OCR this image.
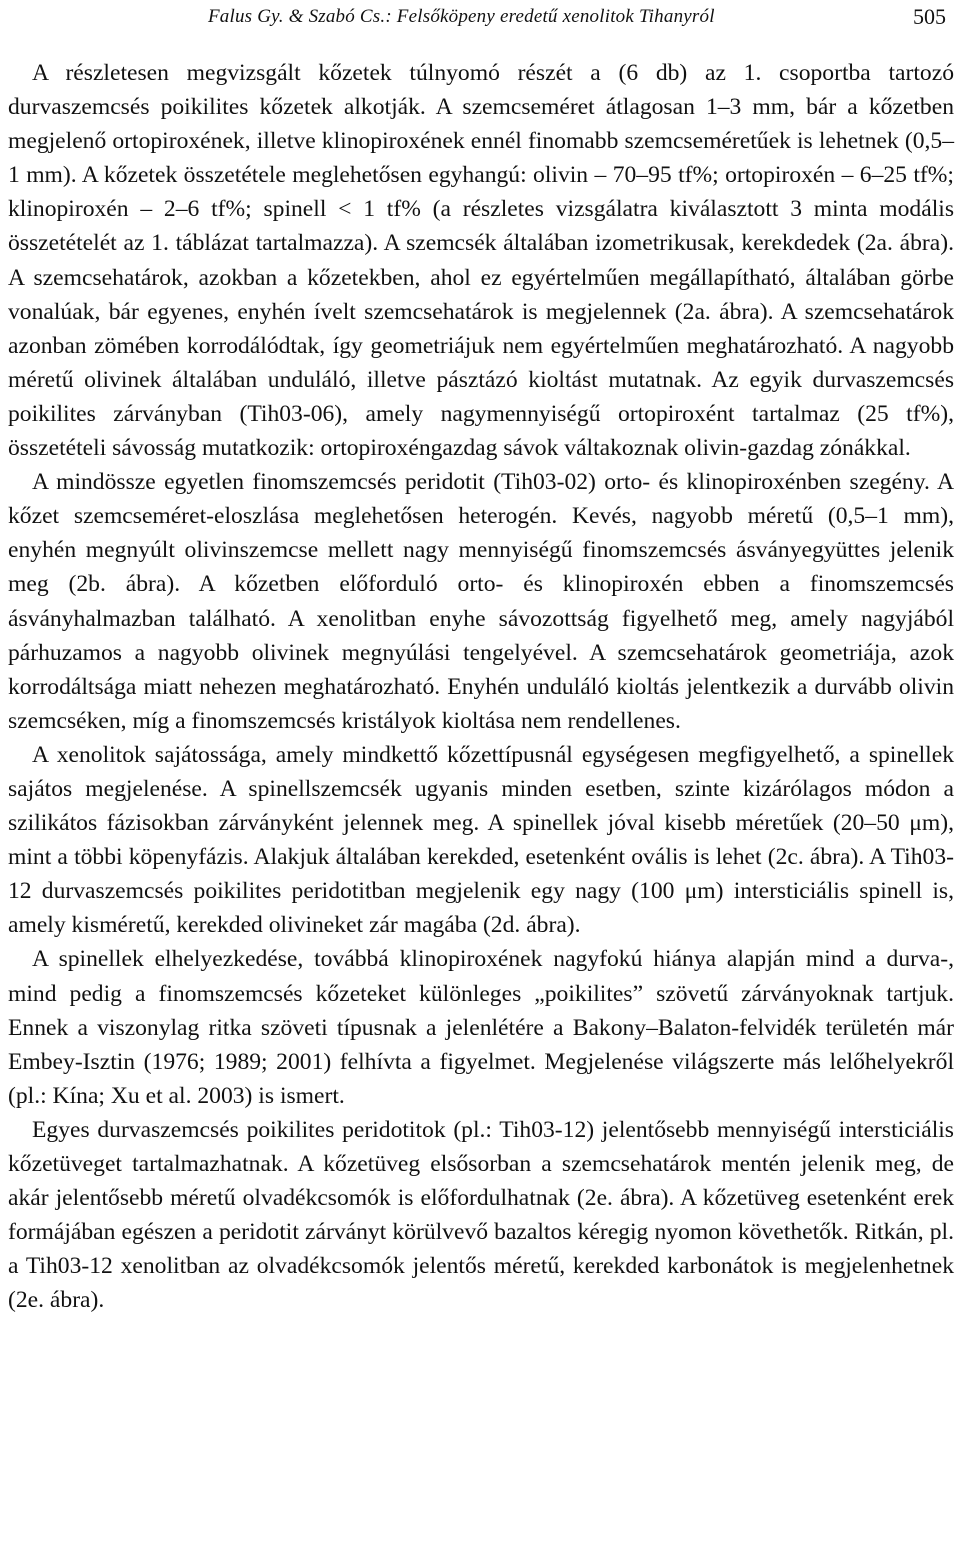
Falus Gy. & Szabó Cs.: Felsőköpeny eredetű xenolitok Tihanyról	505

A részletesen megvizsgált kőzetek túlnyomó részét a (6 db) az 1. csoportba tartozó durvaszemcsés poikilites kőzetek alkotják. A szemcseméret átlagosan 1–3 mm, bár a kőzetben megjelenő ortopiroxének, illetve klinopiroxének ennél finomabb szemcseméretűek is lehetnek (0,5–1 mm). A kőzetek összetétele meglehetősen egyhangú: olivin – 70–95 tf%; ortopiroxén – 6–25 tf%; klinopiroxén – 2–6 tf%; spinell < 1 tf% (a részletes vizsgálatra kiválasztott 3 minta modális összetételét az 1. táblázat tartalmazza). A szemcsék általában izometrikusak, kerekdedek (2a. ábra). A szemcsehatárok, azokban a kőzetekben, ahol ez egyértelműen megállapítható, általában görbe vonalúak, bár egyenes, enyhén ívelt szemcsehatárok is megjelennek (2a. ábra). A szemcsehatárok azonban zömében korrodálódtak, így geometriájuk nem egyértelműen meghatározható. A nagyobb méretű olivinek általában unduláló, illetve pásztázó kioltást mutatnak. Az egyik durvaszemcsés poikilites zárványban (Tih03-06), amely nagymennyiségű ortopiroxént tartalmaz (25 tf%), összetételi sávosság mutatkozik: ortopiroxéngazdag sávok váltakoznak olivin-gazdag zónákkal.

A mindössze egyetlen finomszemcsés peridotit (Tih03-02) orto- és klinopiroxénben szegény. A kőzet szemcseméret-eloszlása meglehetősen heterogén. Kevés, nagyobb méretű (0,5–1 mm), enyhén megnyúlt olivinszemcse mellett nagy mennyiségű finomszemcsés ásványegyüttes jelenik meg (2b. ábra). A kőzetben előforduló orto- és klinopiroxén ebben a finomszemcsés ásványhalmazban található. A xenolitban enyhe sávozottság figyelhető meg, amely nagyjából párhuzamos a nagyobb olivinek megnyúlási tengelyével. A szemcsehatárok geometriája, azok korrodáltsága miatt nehezen meghatározható. Enyhén unduláló kioltás jelentkezik a durvább olivin szemcséken, míg a finomszemcsés kristályok kioltása nem rendellenes.

A xenolitok sajátossága, amely mindkettő kőzettípusnál egységesen megfigyelhető, a spinellek sajátos megjelenése. A spinellszemcsék ugyanis minden esetben, szinte kizárólagos módon a szilikátos fázisokban zárványként jelennek meg. A spinellek jóval kisebb méretűek (20–50 μm), mint a többi köpenyfázis. Alakjuk általában kerekded, esetenként ovális is lehet (2c. ábra). A Tih03-12 durvaszemcsés poikilites peridotitban megjelenik egy nagy (100 μm) intersticiális spinell is, amely kisméretű, kerekded olivineket zár magába (2d. ábra).

A spinellek elhelyezkedése, továbbá klinopiroxének nagyfokú hiánya alapján mind a durva-, mind pedig a finomszemcsés kőzeteket különleges „poikilites” szövetű zárványoknak tartjuk. Ennek a viszonylag ritka szöveti típusnak a jelenlétére a Bakony–Balaton-felvidék területén már Embey-Isztin (1976; 1989; 2001) felhívta a figyelmet. Megjelenése világszerte más lelőhelyekről (pl.: Kína; Xu et al. 2003) is ismert.

Egyes durvaszemcsés poikilites peridotitok (pl.: Tih03-12) jelentősebb mennyiségű intersticiális kőzetüveget tartalmazhatnak. A kőzetüveg elsősorban a szemcsehatárok mentén jelenik meg, de akár jelentősebb méretű olvadékcsomók is előfordulhatnak (2e. ábra). A kőzetüveg esetenként erek formájában egészen a peridotit zárványt körülvevő bazaltos kéregig nyomon követhetők. Ritkán, pl. a Tih03-12 xenolitban az olvadékcsomók jelentős méretű, kerekded karbonátok is megjelenhetnek (2e. ábra).
